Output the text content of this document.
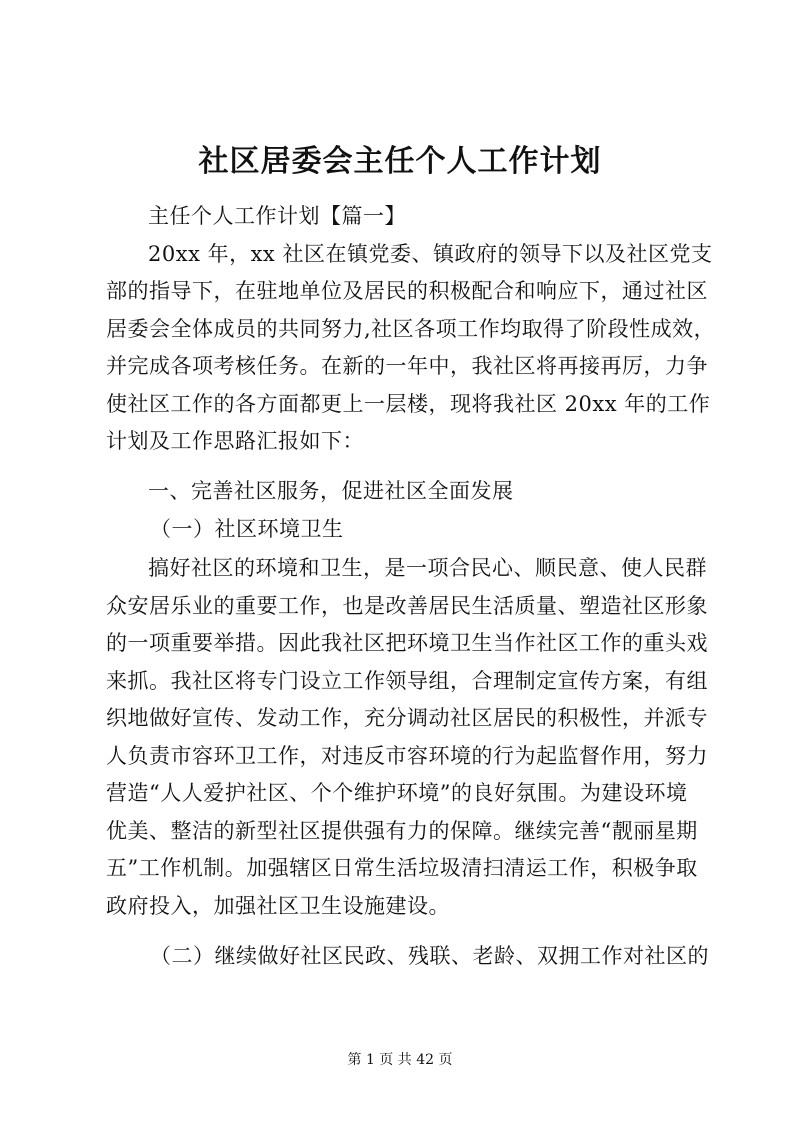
社区居委会主任个人工作计划
主任个人工作计划【篇一】
20xx 年，xx 社区在镇党委、镇政府的领导下以及社区党支
部的指导下，在驻地单位及居民的积极配合和响应下，通过社区
居委会全体成员的共同努力,社区各项工作均取得了阶段性成效，
并完成各项考核任务。在新的一年中，我社区将再接再厉，力争
使社区工作的各方面都更上一层楼，现将我社区 20xx 年的工作
计划及工作思路汇报如下：
一、完善社区服务，促进社区全面发展
（一）社区环境卫生
搞好社区的环境和卫生，是一项合民心、顺民意、使人民群
众安居乐业的重要工作，也是改善居民生活质量、塑造社区形象
的一项重要举措。因此我社区把环境卫生当作社区工作的重头戏
来抓。我社区将专门设立工作领导组，合理制定宣传方案，有组
织地做好宣传、发动工作，充分调动社区居民的积极性，并派专
人负责市容环卫工作，对违反市容环境的行为起监督作用，努力
营造“人人爱护社区、个个维护环境”的良好氛围。为建设环境
优美、整洁的新型社区提供强有力的保障。继续完善“靓丽星期
五”工作机制。加强辖区日常生活垃圾清扫清运工作，积极争取
政府投入，加强社区卫生设施建设。
（二）继续做好社区民政、残联、老龄、双拥工作对社区的
第 1 页 共 42 页
